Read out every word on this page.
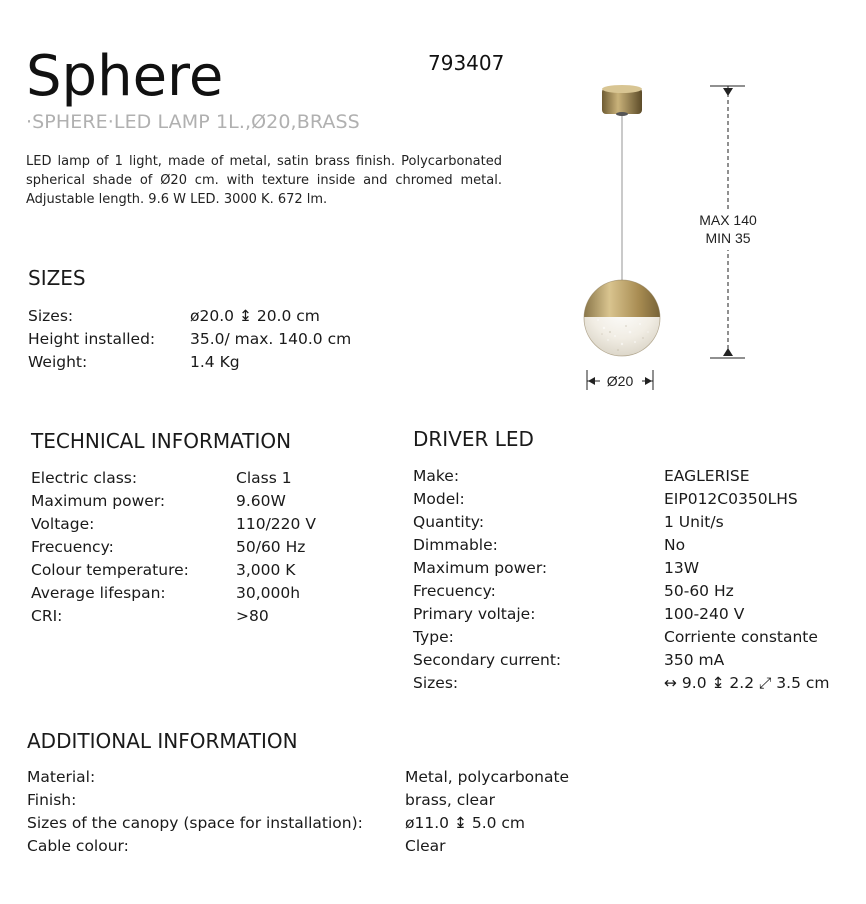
Sphere	793407
·SPHERE·LED LAMP 1L.,Ø20,BRASS
LED lamp of 1 light, made of metal, satin brass finish. Polycarbonated spherical shade of Ø20 cm. with texture inside and chromed metal. Adjustable length. 9.6 W LED. 3000 K. 672 lm.
MAX 140
MIN 35
Ø20
SIZES
Sizes:	ø20.0 ↨ 20.0 cm
Height installed: 35.0/ max. 140.0 cm
Weight:	1.4 Kg
TECHNICAL INFORMATION
Electric class:	Class 1
Maximum power:	9.60W
Voltage:	110/220 V
Frecuency:	50/60 Hz
Colour temperature:	3,000 K
Average lifespan:	30,000h
CRI:	>80
DRIVER LED
Make:	EAGLERISE
Model:	EIP012C0350LHS
Quantity:	1 Unit/s
Dimmable:	No
Maximum power:	13W
Frecuency:	50-60 Hz
Primary voltaje:	100-240 V
Type:	Corriente constante
Secondary current:	350 mA
Sizes:	↔ 9.0 ↨ 2.2 ⤢ 3.5 cm
ADDITIONAL INFORMATION
Material:	Metal, polycarbonate
Finish:	brass, clear
Sizes of the canopy (space for installation):	ø11.0 ↨ 5.0 cm
Cable colour:	Clear
